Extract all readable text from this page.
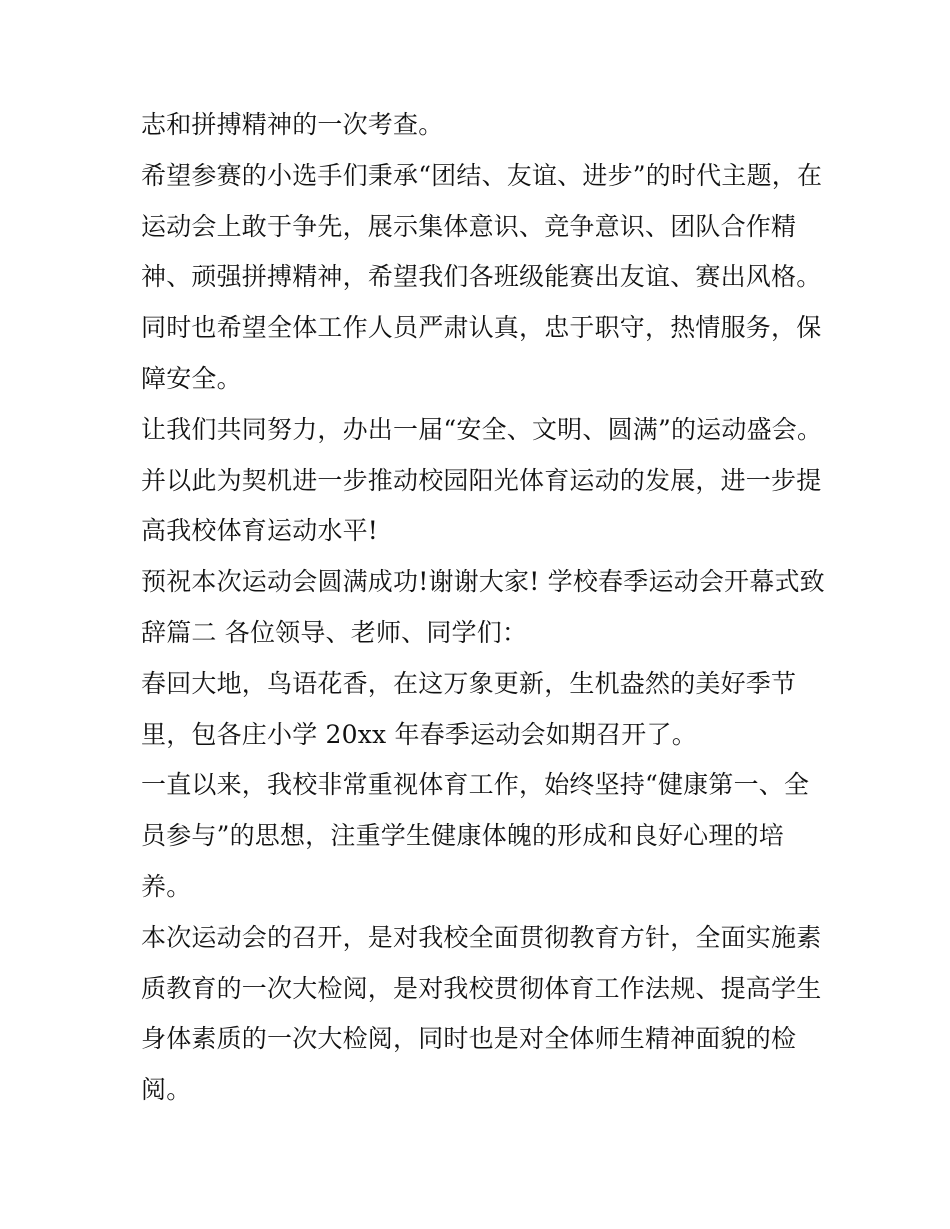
志和拼搏精神的一次考查。
希望参赛的小选手们秉承“团结、友谊、进步”的时代主题，在
运动会上敢于争先，展示集体意识、竞争意识、团队合作精
神、顽强拼搏精神，希望我们各班级能赛出友谊、赛出风格。
同时也希望全体工作人员严肃认真，忠于职守，热情服务，保
障安全。
让我们共同努力，办出一届“安全、文明、圆满”的运动盛会。
并以此为契机进一步推动校园阳光体育运动的发展，进一步提
高我校体育运动水平!
预祝本次运动会圆满成功!谢谢大家! 学校春季运动会开幕式致
辞篇二 各位领导、老师、同学们：
春回大地，鸟语花香，在这万象更新，生机盎然的美好季节
里，包各庄小学 20xx 年春季运动会如期召开了。
一直以来，我校非常重视体育工作，始终坚持“健康第一、全
员参与”的思想，注重学生健康体魄的形成和良好心理的培
养。
本次运动会的召开，是对我校全面贯彻教育方针，全面实施素
质教育的一次大检阅，是对我校贯彻体育工作法规、提高学生
身体素质的一次大检阅，同时也是对全体师生精神面貌的检
阅。
